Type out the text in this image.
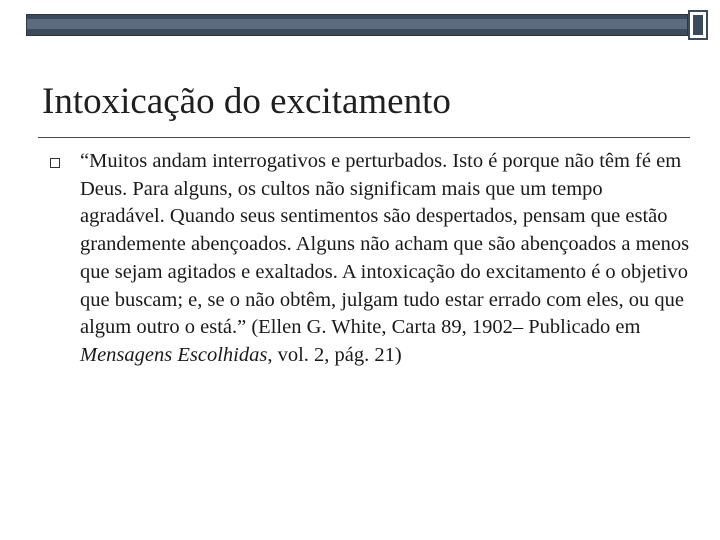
Intoxicação do excitamento

“Muitos andam interrogativos e perturbados. Isto é porque não têm fé em Deus. Para alguns, os cultos não significam mais que um tempo agradável. Quando seus sentimentos são despertados, pensam que estão grandemente abençoados. Alguns não acham que são abençoados a menos que sejam agitados e exaltados. A intoxicação do excitamento é o objetivo que buscam; e, se o não obtêm, julgam tudo estar errado com eles, ou que algum outro o está.” (Ellen G. White, Carta 89, 1902– Publicado em Mensagens Escolhidas, vol. 2, pág. 21)
